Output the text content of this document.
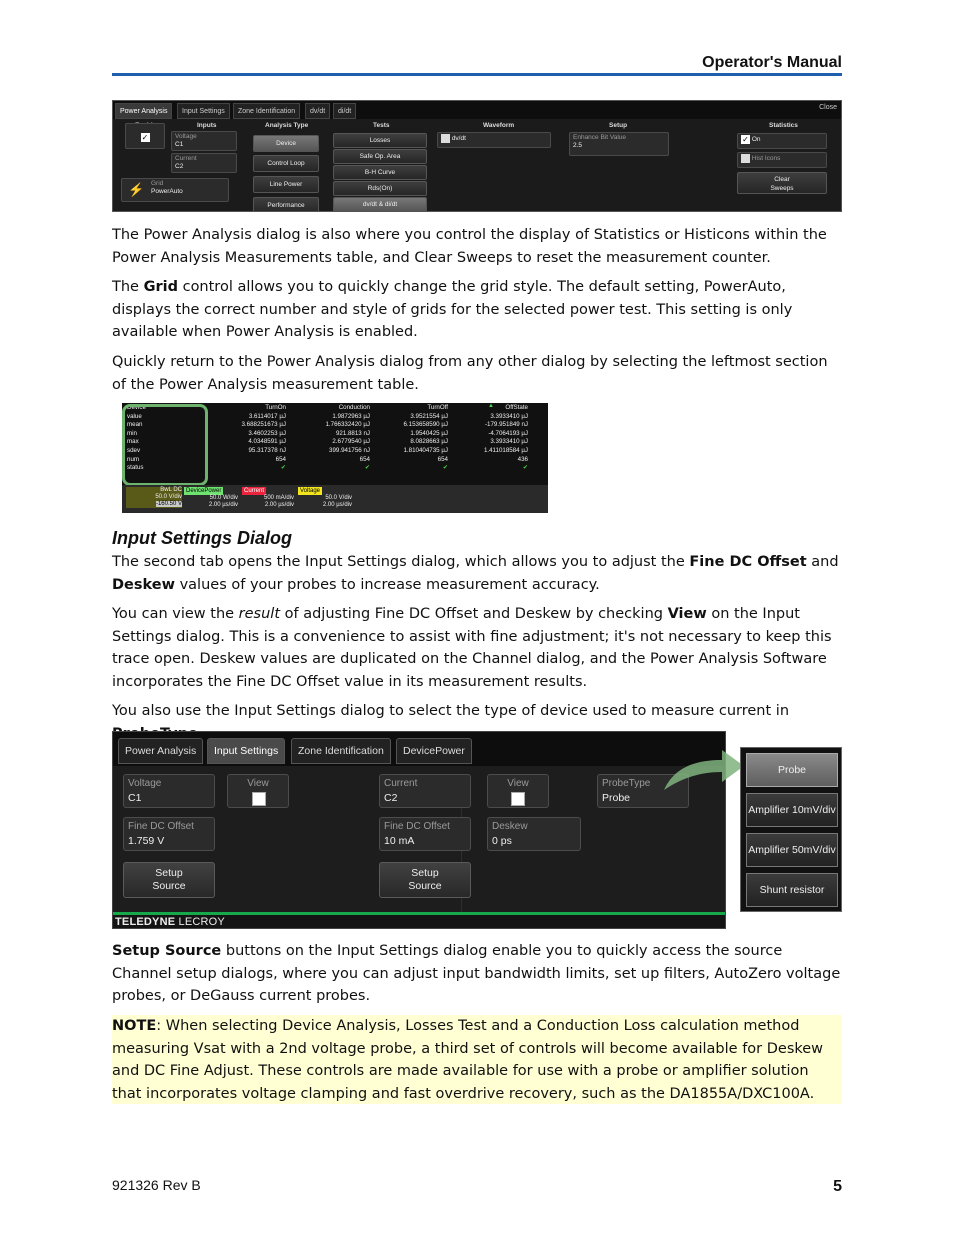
Operator's Manual
Power Analysis	Input Settings	Zone Identification	dv/dt	di/dt
Close
Inputs	Analysis Type	Tests	Waveform	Setup	Statistics
✓	Voltage
C1
Current
C2
⚡ Grid
PowerAuto
Device
Control Loop
Line Power
Performance
Losses
Safe Op. Area
B-H Curve
Rds(On)
dv/dt & di/dt
dv/dt	Enhance Bit Value
2.5
✓ On
Hist Icons
Clear
Sweeps
The Power Analysis dialog is also where you control the display of Statistics or Histicons within the Power Analysis Measurements table, and Clear Sweeps to reset the measurement counter.
The Grid control allows you to quickly change the grid style. The default setting, PowerAuto, displays the correct number and style of grids for the selected power test. This setting is only available when Power Analysis is enabled.
Quickly return to the Power Analysis dialog from any other dialog by selecting the leftmost section of the Power Analysis measurement table.
Device	TurnOn	Conduction	TurnOff	OffState
value	3.6114017 µJ	1.9872963 µJ	3.9521554 µJ	3.3933410 µJ
mean	3.688251673 µJ	1.766332420 µJ	6.153658590 µJ	-179.951849 nJ
min	3.4602253 µJ	921.8813 nJ	1.9540425 µJ	-4.7064193 µJ
max	4.0348591 µJ	2.6779540 µJ	8.0828663 µJ	3.3933410 µJ
sdev	95.317378 nJ	399.941756 nJ	1.810404735 µJ	1.411018584 µJ
num	654	654	654	436
status	✔	✔	✔	✔
▲
DevicePower	Current	Voltage
BwL DC
50.0 V/div
-160.50 V
50.0 W/div
2.00 µs/div
500 mA/div
2.00 µs/div
50.0 V/div
2.00 µs/div
Input Settings Dialog
The second tab opens the Input Settings dialog, which allows you to adjust the Fine DC Offset and Deskew values of your probes to increase measurement accuracy.
You can view the result of adjusting Fine DC Offset and Deskew by checking View on the Input Settings dialog. This is a convenience to assist with fine adjustment; it's not necessary to keep this trace open. Deskew values are duplicated on the Channel dialog, and the Power Analysis Software incorporates the Fine DC Offset value in its measurement results.
You also use the Input Settings dialog to select the type of device used to measure current in
Power Analysis	Input Settings	Zone Identification	DevicePower
Voltage
C1
View
Fine DC Offset
1.759 V
Setup
Source
Current
C2
View	ProbeType
Probe
Fine DC Offset
10 mA
Deskew
0 ps
Setup
Source
TELEDYNE LECROY
Probe
Amplifier 10mV/div
Amplifier 50mV/div
Shunt resistor
Setup Source buttons on the Input Settings dialog enable you to quickly access the source Channel setup dialogs, where you can adjust input bandwidth limits, set up filters, AutoZero voltage probes, or DeGauss current probes.
NOTE: When selecting Device Analysis, Losses Test and a Conduction Loss calculation method measuring Vsat with a 2nd voltage probe, a third set of controls will become available for Deskew and DC Fine Adjust. These controls are made available for use with a probe or amplifier solution that incorporates voltage clamping and fast overdrive recovery, such as the DA1855A/DXC100A.
921326 Rev B	5
